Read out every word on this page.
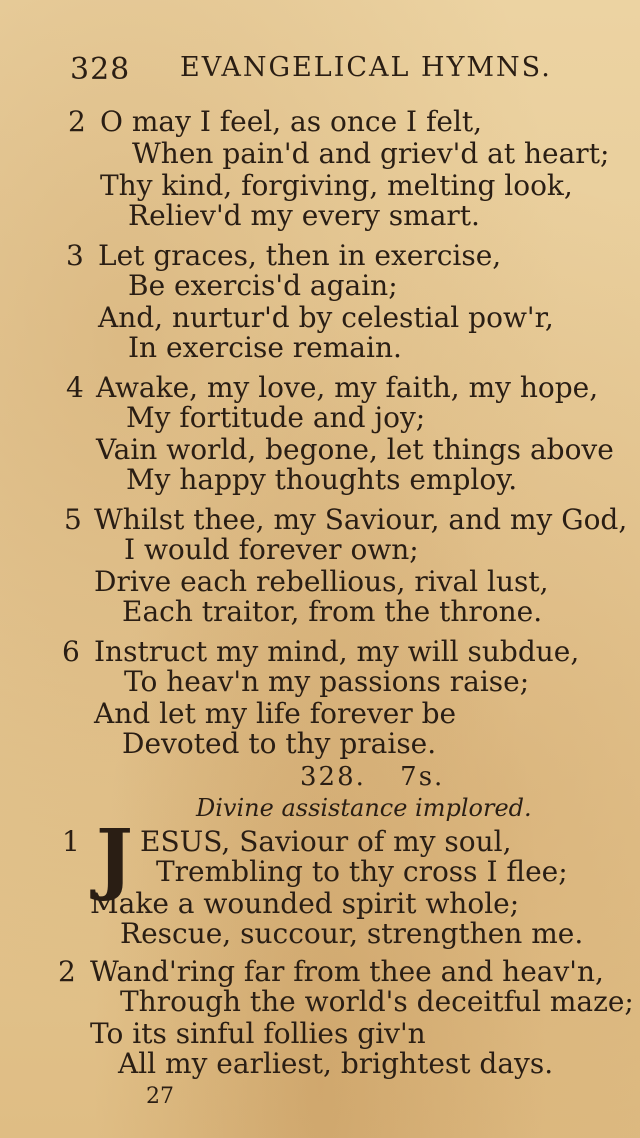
328 EVANGELICAL HYMNS.
2 O may I feel, as once I felt,
When pain'd and griev'd at heart;
Thy kind, forgiving, melting look,
Reliev'd my every smart.
3 Let graces, then in exercise,
Be exercis'd again;
And, nurtur'd by celestial pow'r,
In exercise remain.
4 Awake, my love, my faith, my hope,
My fortitude and joy;
Vain world, begone, let things above
My happy thoughts employ.
5 Whilst thee, my Saviour, and my God,
I would forever own;
Drive each rebellious, rival lust,
Each traitor, from the throne.
6 Instruct my mind, my will subdue,
To heav'n my passions raise;
And let my life forever be
Devoted to thy praise.
328. 7s.
Divine assistance implored.
1 J ESUS, Saviour of my soul,
Trembling to thy cross I flee;
Make a wounded spirit whole;
Rescue, succour, strengthen me.
2 Wand'ring far from thee and heav'n,
Through the world's deceitful maze;
To its sinful follies giv'n
All my earliest, brightest days.
27
